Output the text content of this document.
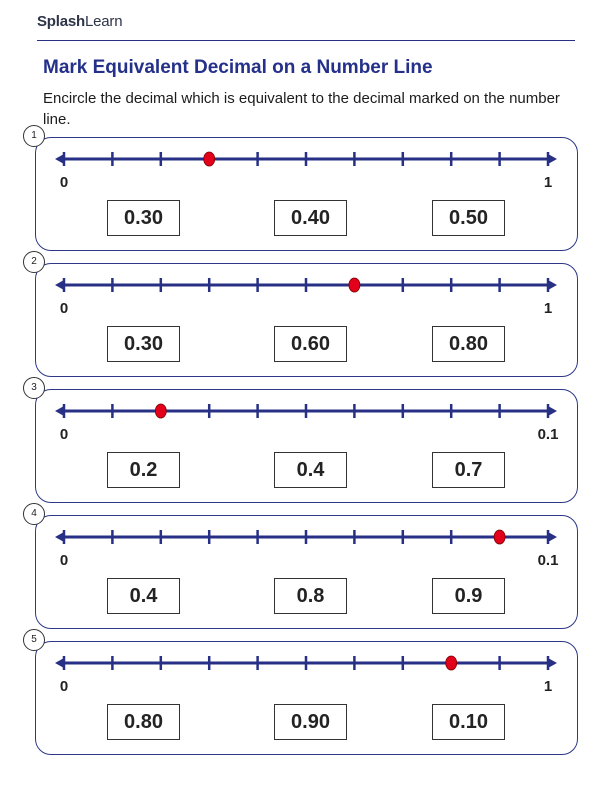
SplashLearn
Mark Equivalent Decimal on a Number Line
Encircle the decimal which is equivalent to the decimal marked on the number line.
1
0	1
0.30	0.40	0.50
2
0	1
0.30	0.60	0.80
3
0	0.1
0.2	0.4	0.7
4
0	0.1
0.4	0.8	0.9
5
0	1
0.80	0.90	0.10
